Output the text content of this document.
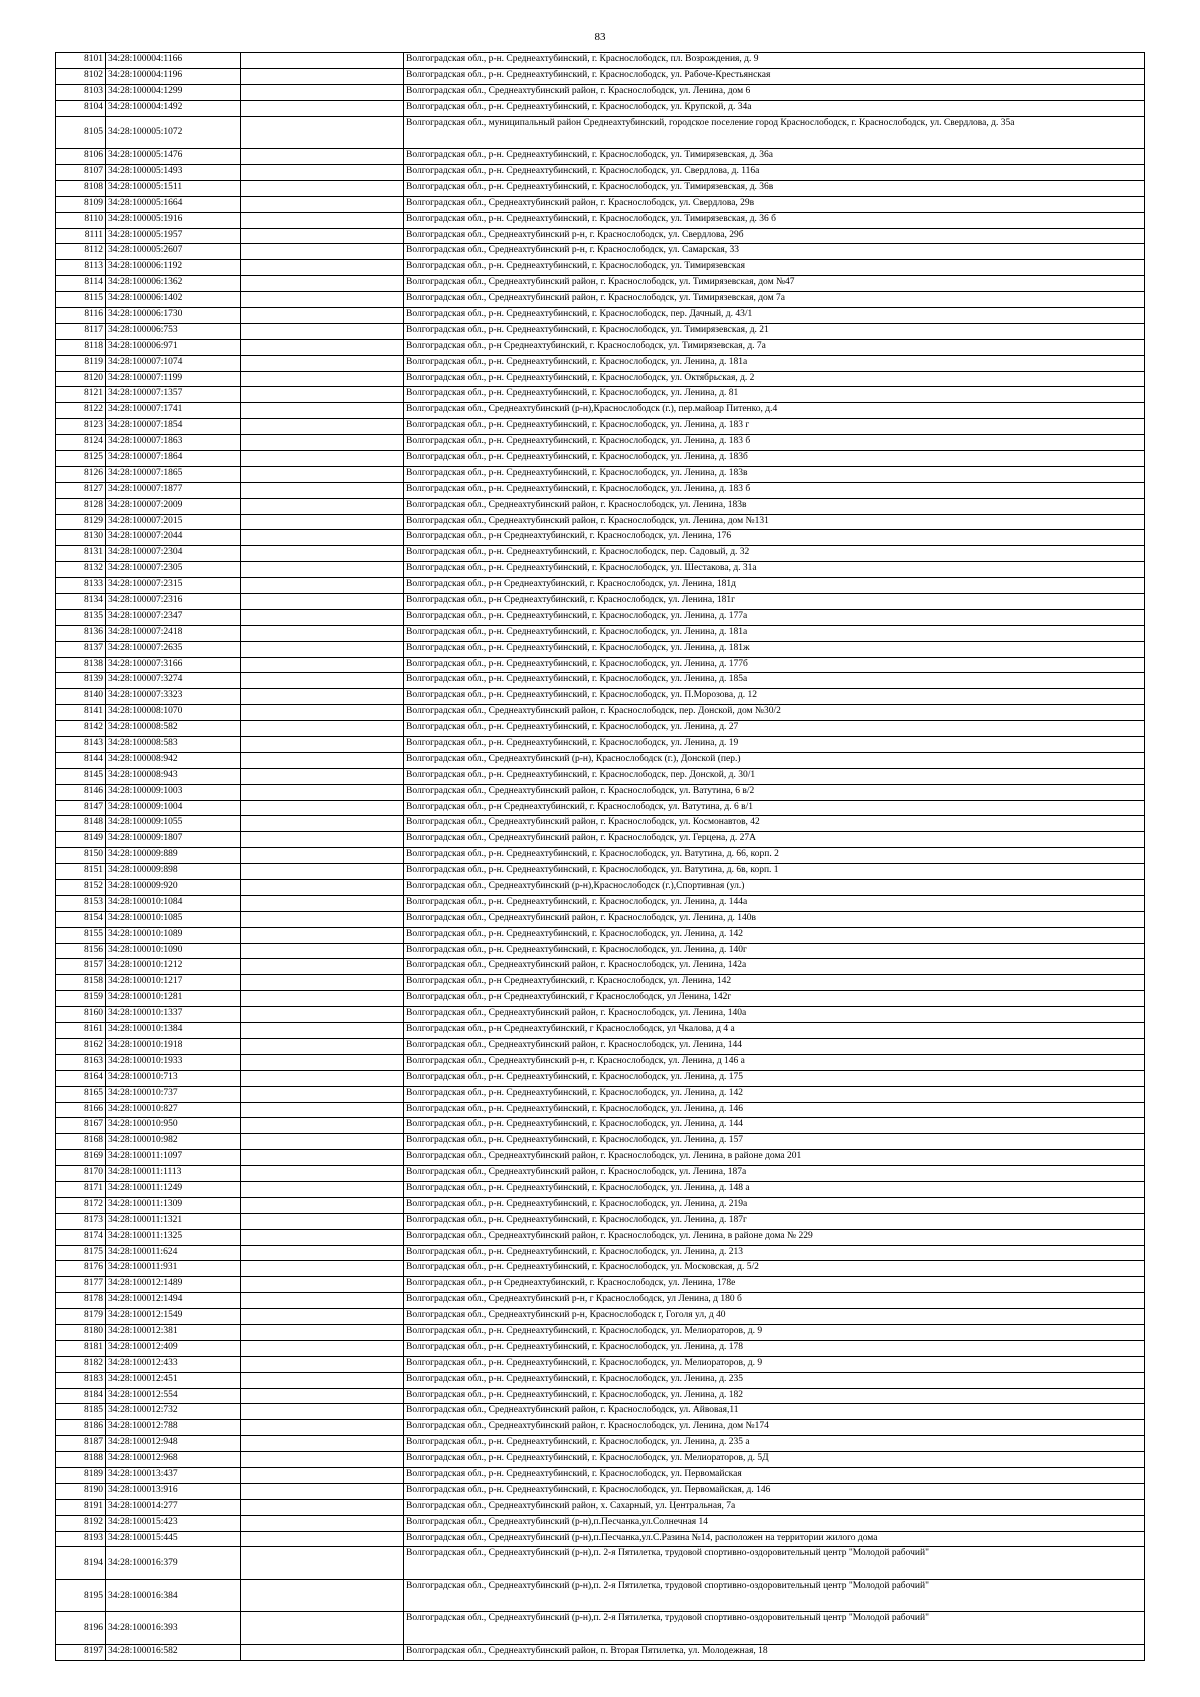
83
8101	34:28:100004:1166		Волгоградская обл., р-н. Среднеахтубинский, г. Краснослободск, пл. Возрождения, д. 9
8102	34:28:100004:1196		Волгоградская обл., р-н. Среднеахтубинский, г. Краснослободск, ул. Рабоче-Крестьянская
8103	34:28:100004:1299		Волгоградская обл., Среднеахтубинский район, г. Краснослободск, ул. Ленина, дом 6
8104	34:28:100004:1492		Волгоградская обл., р-н. Среднеахтубинский, г. Краснослободск, ул. Крупской, д. 34а
8105	34:28:100005:1072		Волгоградская обл., муниципальный район Среднеахтубинский, городское поселение город Краснослободск, г. Краснослободск, ул. Свердлова, д. 35а
8106	34:28:100005:1476		Волгоградская обл., р-н. Среднеахтубинский, г. Краснослободск, ул. Тимирязевская, д. 36а
8107	34:28:100005:1493		Волгоградская обл., р-н. Среднеахтубинский, г. Краснослободск, ул. Свердлова, д. 116а
8108	34:28:100005:1511		Волгоградская обл., р-н. Среднеахтубинский, г. Краснослободск, ул. Тимирязевская, д. 36в
8109	34:28:100005:1664		Волгоградская обл., Среднеахтубинский район, г. Краснослободск, ул. Свердлова, 29в
8110	34:28:100005:1916		Волгоградская обл., р-н. Среднеахтубинский, г. Краснослободск, ул. Тимирязевская, д. 36 б
8111	34:28:100005:1957		Волгоградская обл., Среднеахтубинский р-н, г. Краснослободск, ул. Свердлова, 29б
8112	34:28:100005:2607		Волгоградская обл., Среднеахтубинский р-н, г. Краснослободск, ул. Самарская, 33
8113	34:28:100006:1192		Волгоградская обл., р-н. Среднеахтубинский, г. Краснослободск, ул. Тимирязевская
8114	34:28:100006:1362		Волгоградская обл., Среднеахтубинский район, г. Краснослободск, ул. Тимирязевская, дом №47
8115	34:28:100006:1402		Волгоградская обл., Среднеахтубинский район, г. Краснослободск, ул. Тимирязевская, дом 7а
8116	34:28:100006:1730		Волгоградская обл., р-н. Среднеахтубинский, г. Краснослободск, пер. Дачный, д. 43/1
8117	34:28:100006:753		Волгоградская обл., р-н. Среднеахтубинский, г. Краснослободск, ул. Тимирязевская, д. 21
8118	34:28:100006:971		Волгоградская обл., р-н Среднеахтубинский, г. Краснослободск, ул. Тимирязевская, д. 7а
8119	34:28:100007:1074		Волгоградская обл., р-н. Среднеахтубинский, г. Краснослободск, ул. Ленина, д. 181а
8120	34:28:100007:1199		Волгоградская обл., р-н. Среднеахтубинский, г. Краснослободск, ул. Октябрьская, д. 2
8121	34:28:100007:1357		Волгоградская обл., р-н. Среднеахтубинский, г. Краснослободск, ул. Ленина, д. 81
8122	34:28:100007:1741		Волгоградская обл., Среднеахтубинский (р-н),Краснослободск (г.), пер.майоар Питенко, д.4
8123	34:28:100007:1854		Волгоградская обл., р-н. Среднеахтубинский, г. Краснослободск, ул. Ленина, д. 183 г
8124	34:28:100007:1863		Волгоградская обл., р-н. Среднеахтубинский, г. Краснослободск, ул. Ленина, д. 183 б
8125	34:28:100007:1864		Волгоградская обл., р-н. Среднеахтубинский, г. Краснослободск, ул. Ленина, д. 183б
8126	34:28:100007:1865		Волгоградская обл., р-н. Среднеахтубинский, г. Краснослободск, ул. Ленина, д. 183в
8127	34:28:100007:1877		Волгоградская обл., р-н. Среднеахтубинский, г. Краснослободск, ул. Ленина, д. 183 б
8128	34:28:100007:2009		Волгоградская обл., Среднеахтубинский район, г. Краснослободск, ул. Ленина, 183в
8129	34:28:100007:2015		Волгоградская обл., Среднеахтубинский район, г. Краснослободск, ул. Ленина, дом №131
8130	34:28:100007:2044		Волгоградская обл., р-н Среднеахтубинский, г. Краснослободск, ул. Ленина, 176
8131	34:28:100007:2304		Волгоградская обл., р-н. Среднеахтубинский, г. Краснослободск, пер. Садовый, д. 32
8132	34:28:100007:2305		Волгоградская обл., р-н. Среднеахтубинский, г. Краснослободск, ул. Шестакова, д. 31а
8133	34:28:100007:2315		Волгоградская обл., р-н Среднеахтубинский, г. Краснослободск, ул. Ленина, 181д
8134	34:28:100007:2316		Волгоградская обл., р-н Среднеахтубинский, г. Краснослободск, ул. Ленина, 181г
8135	34:28:100007:2347		Волгоградская обл., р-н. Среднеахтубинский, г. Краснослободск, ул. Ленина, д. 177а
8136	34:28:100007:2418		Волгоградская обл., р-н. Среднеахтубинский, г. Краснослободск, ул. Ленина, д. 181а
8137	34:28:100007:2635		Волгоградская обл., р-н. Среднеахтубинский, г. Краснослободск, ул. Ленина, д. 181ж
8138	34:28:100007:3166		Волгоградская обл., р-н. Среднеахтубинский, г. Краснослободск, ул. Ленина, д. 177б
8139	34:28:100007:3274		Волгоградская обл., р-н. Среднеахтубинский, г. Краснослободск, ул. Ленина, д. 185а
8140	34:28:100007:3323		Волгоградская обл., р-н. Среднеахтубинский, г. Краснослободск, ул. П.Морозова, д. 12
8141	34:28:100008:1070		Волгоградская обл., Среднеахтубинский район, г. Краснослободск, пер. Донской, дом №30/2
8142	34:28:100008:582		Волгоградская обл., р-н. Среднеахтубинский, г. Краснослободск, ул. Ленина, д. 27
8143	34:28:100008:583		Волгоградская обл., р-н. Среднеахтубинский, г. Краснослободск, ул. Ленина, д. 19
8144	34:28:100008:942		Волгоградская обл., Среднеахтубинский (р-н), Краснослободск (г.), Донской (пер.)
8145	34:28:100008:943		Волгоградская обл., р-н. Среднеахтубинский, г. Краснослободск, пер. Донской, д. 30/1
8146	34:28:100009:1003		Волгоградская обл., Среднеахтубинский район, г. Краснослободск, ул. Ватутина, 6 в/2
8147	34:28:100009:1004		Волгоградская обл., р-н Среднеахтубинский, г. Краснослободск, ул. Ватутина, д. 6 в/1
8148	34:28:100009:1055		Волгоградская обл., Среднеахтубинский район, г. Краснослободск, ул. Космонавтов, 42
8149	34:28:100009:1807		Волгоградская обл., Среднеахтубинский район, г. Краснослободск, ул. Герцена, д. 27А
8150	34:28:100009:889		Волгоградская обл., р-н. Среднеахтубинский, г. Краснослободск, ул. Ватутина, д. 66, корп. 2
8151	34:28:100009:898		Волгоградская обл., р-н. Среднеахтубинский, г. Краснослободск, ул. Ватутина, д. 6в, корп. 1
8152	34:28:100009:920		Волгоградская обл., Среднеахтубинский (р-н),Краснослободск (г.),Спортивная (ул.)
8153	34:28:100010:1084		Волгоградская обл., р-н. Среднеахтубинский, г. Краснослободск, ул. Ленина, д. 144а
8154	34:28:100010:1085		Волгоградская обл., Среднеахтубинский район, г. Краснослободск, ул. Ленина, д. 140в
8155	34:28:100010:1089		Волгоградская обл., р-н. Среднеахтубинский, г. Краснослободск, ул. Ленина, д. 142
8156	34:28:100010:1090		Волгоградская обл., р-н. Среднеахтубинский, г. Краснослободск, ул. Ленина, д. 140г
8157	34:28:100010:1212		Волгоградская обл., Среднеахтубинский район, г. Краснослободск, ул. Ленина, 142а
8158	34:28:100010:1217		Волгоградская обл., р-н Среднеахтубинский, г. Краснослободск, ул. Ленина, 142
8159	34:28:100010:1281		Волгоградская обл., р-н Среднеахтубинский, г Краснослободск, ул Ленина, 142г
8160	34:28:100010:1337		Волгоградская обл., Среднеахтубинский район, г. Краснослободск, ул. Ленина, 140а
8161	34:28:100010:1384		Волгоградская обл., р-н Среднеахтубинский, г Краснослободск, ул Чкалова, д 4 а
8162	34:28:100010:1918		Волгоградская обл., Среднеахтубинский район, г. Краснослободск, ул. Ленина, 144
8163	34:28:100010:1933		Волгоградская обл., Среднеахтубинский р-н, г. Краснослободск, ул. Ленина, д 146 а
8164	34:28:100010:713		Волгоградская обл., р-н. Среднеахтубинский, г. Краснослободск, ул. Ленина, д. 175
8165	34:28:100010:737		Волгоградская обл., р-н. Среднеахтубинский, г. Краснослободск, ул. Ленина, д. 142
8166	34:28:100010:827		Волгоградская обл., р-н. Среднеахтубинский, г. Краснослободск, ул. Ленина, д. 146
8167	34:28:100010:950		Волгоградская обл., р-н. Среднеахтубинский, г. Краснослободск, ул. Ленина, д. 144
8168	34:28:100010:982		Волгоградская обл., р-н. Среднеахтубинский, г. Краснослободск, ул. Ленина, д. 157
8169	34:28:100011:1097		Волгоградская обл., Среднеахтубинский район, г. Краснослободск, ул. Ленина, в районе дома 201
8170	34:28:100011:1113		Волгоградская обл., Среднеахтубинский район, г. Краснослободск, ул. Ленина, 187а
8171	34:28:100011:1249		Волгоградская обл., р-н. Среднеахтубинский, г. Краснослободск, ул. Ленина, д. 148 а
8172	34:28:100011:1309		Волгоградская обл., р-н. Среднеахтубинский, г. Краснослободск, ул. Ленина, д. 219а
8173	34:28:100011:1321		Волгоградская обл., р-н. Среднеахтубинский, г. Краснослободск, ул. Ленина, д. 187г
8174	34:28:100011:1325		Волгоградская обл., Среднеахтубинский район, г. Краснослободск, ул. Ленина, в районе дома № 229
8175	34:28:100011:624		Волгоградская обл., р-н. Среднеахтубинский, г. Краснослободск, ул. Ленина, д. 213
8176	34:28:100011:931		Волгоградская обл., р-н. Среднеахтубинский, г. Краснослободск, ул. Московская, д. 5/2
8177	34:28:100012:1489		Волгоградская обл., р-н Среднеахтубинский, г. Краснослободск, ул. Ленина, 178е
8178	34:28:100012:1494		Волгоградская обл., Среднеахтубинский р-н, г Краснослободск, ул Ленина, д 180 б
8179	34:28:100012:1549		Волгоградская обл., Среднеахтубинский р-н, Краснослободск г, Гоголя ул, д 40
8180	34:28:100012:381		Волгоградская обл., р-н. Среднеахтубинский, г. Краснослободск, ул. Мелиораторов, д. 9
8181	34:28:100012:409		Волгоградская обл., р-н. Среднеахтубинский, г. Краснослободск, ул. Ленина, д. 178
8182	34:28:100012:433		Волгоградская обл., р-н. Среднеахтубинский, г. Краснослободск, ул. Мелиораторов, д. 9
8183	34:28:100012:451		Волгоградская обл., р-н. Среднеахтубинский, г. Краснослободск, ул. Ленина, д. 235
8184	34:28:100012:554		Волгоградская обл., р-н. Среднеахтубинский, г. Краснослободск, ул. Ленина, д. 182
8185	34:28:100012:732		Волгоградская обл., Среднеахтубинский район, г. Краснослободск, ул. Айвовая,11
8186	34:28:100012:788		Волгоградская обл., Среднеахтубинский район, г. Краснослободск, ул. Ленина, дом №174
8187	34:28:100012:948		Волгоградская обл., р-н. Среднеахтубинский, г. Краснослободск, ул. Ленина, д. 235 а
8188	34:28:100012:968		Волгоградская обл., р-н. Среднеахтубинский, г. Краснослободск, ул. Мелиораторов, д. 5Д
8189	34:28:100013:437		Волгоградская обл., р-н. Среднеахтубинский, г. Краснослободск, ул. Первомайская
8190	34:28:100013:916		Волгоградская обл., р-н. Среднеахтубинский, г. Краснослободск, ул. Первомайская, д. 146
8191	34:28:100014:277		Волгоградская обл., Среднеахтубинский район, х. Сахарный, ул. Центральная, 7а
8192	34:28:100015:423		Волгоградская обл., Среднеахтубинский (р-н),п.Песчанка,ул.Солнечная 14
8193	34:28:100015:445		Волгоградская обл., Среднеахтубинский (р-н),п.Песчанка,ул.С.Разина №14, расположен на территории жилого дома
8194	34:28:100016:379		Волгоградская обл., Среднеахтубинский (р-н),п. 2-я Пятилетка, трудовой спортивно-оздоровительный центр "Молодой рабочий"
8195	34:28:100016:384		Волгоградская обл., Среднеахтубинский (р-н),п. 2-я Пятилетка, трудовой спортивно-оздоровительный центр "Молодой рабочий"
8196	34:28:100016:393		Волгоградская обл., Среднеахтубинский (р-н),п. 2-я Пятилетка, трудовой спортивно-оздоровительный центр "Молодой рабочий"
8197	34:28:100016:582		Волгоградская обл., Среднеахтубинский район, п. Вторая Пятилетка, ул. Молодежная, 18
